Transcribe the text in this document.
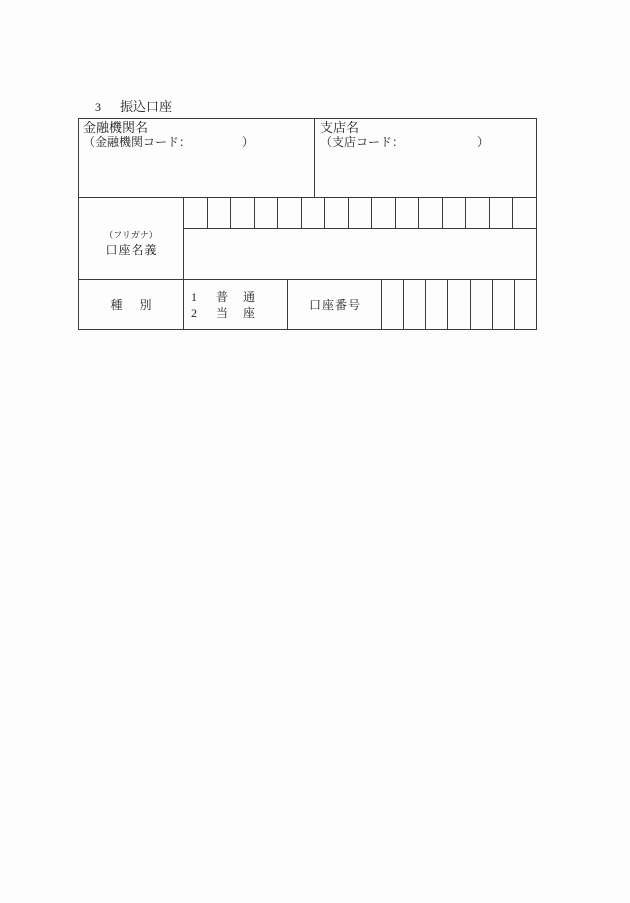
3 振込口座
金融機関名
（金融機関コード：	）
支店名
（支店コード：	）
（フリガナ）
口座名義
種　別
1 普　通
2 当　座
口座番号
